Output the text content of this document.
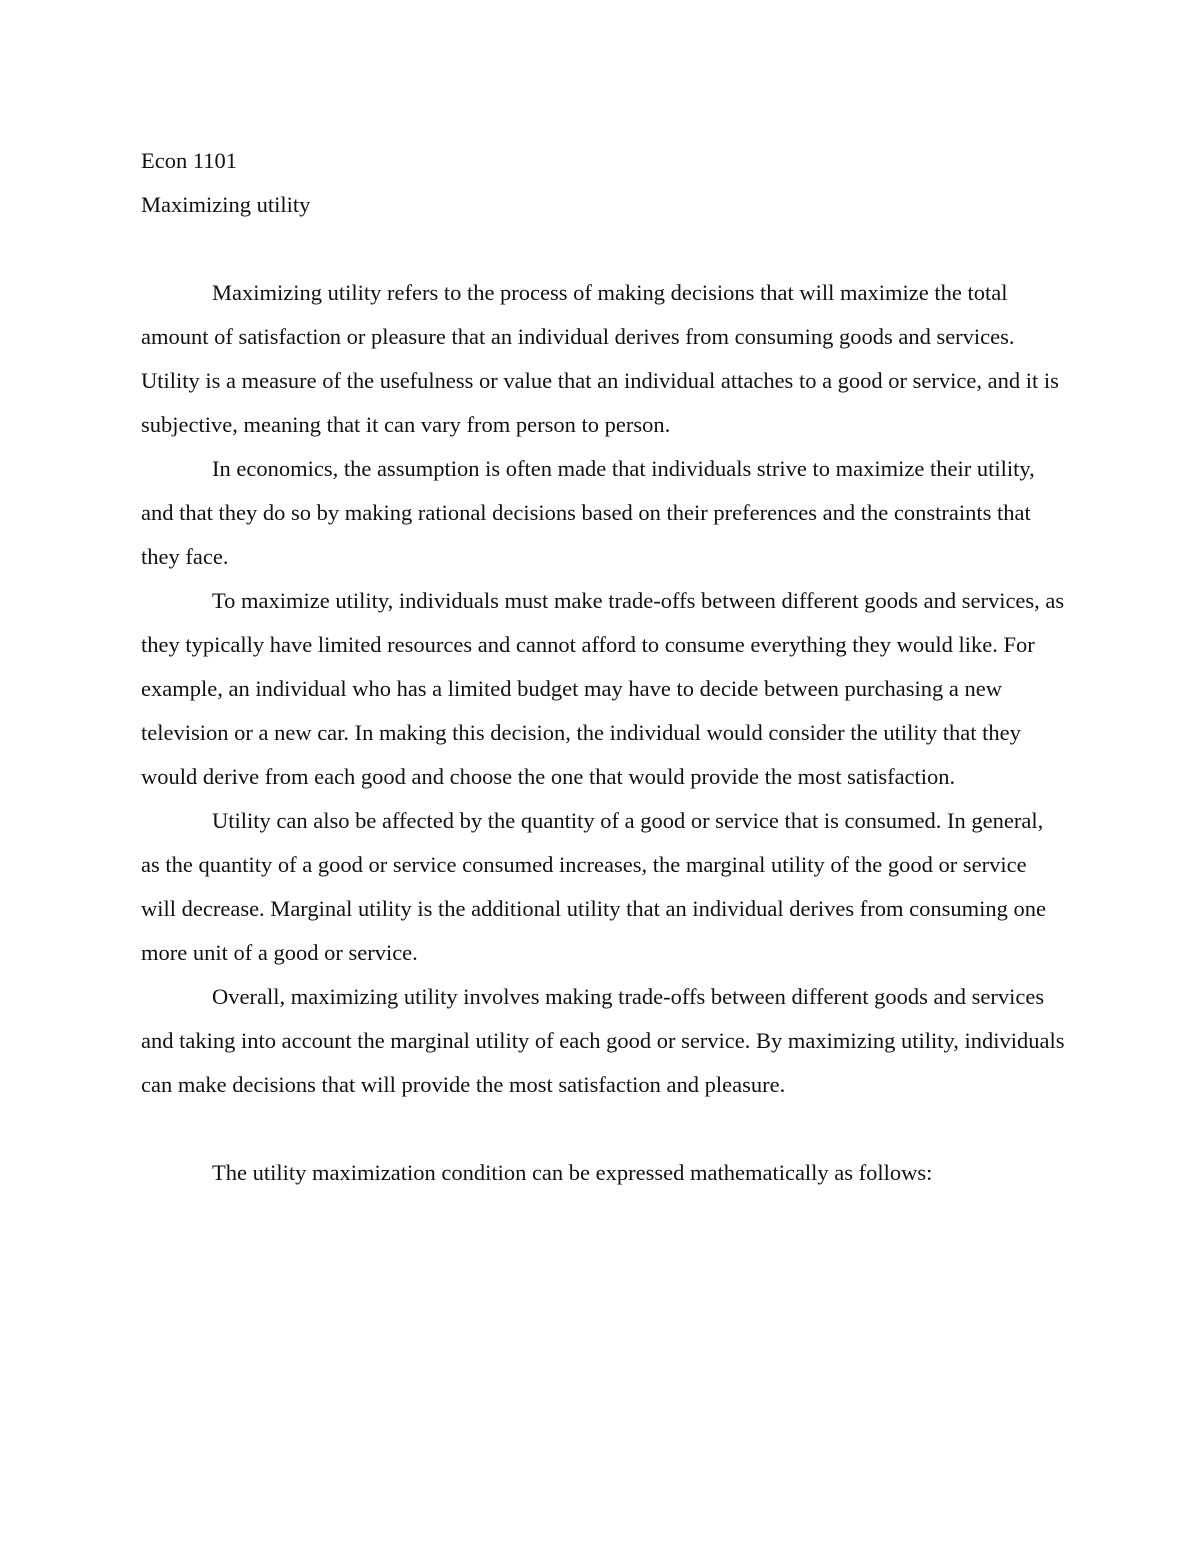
Econ 1101

Maximizing utility

Maximizing utility refers to the process of making decisions that will maximize the total amount of satisfaction or pleasure that an individual derives from consuming goods and services. Utility is a measure of the usefulness or value that an individual attaches to a good or service, and it is subjective, meaning that it can vary from person to person.

In economics, the assumption is often made that individuals strive to maximize their utility, and that they do so by making rational decisions based on their preferences and the constraints that they face.

To maximize utility, individuals must make trade-offs between different goods and services, as they typically have limited resources and cannot afford to consume everything they would like. For example, an individual who has a limited budget may have to decide between purchasing a new television or a new car. In making this decision, the individual would consider the utility that they would derive from each good and choose the one that would provide the most satisfaction.

Utility can also be affected by the quantity of a good or service that is consumed. In general, as the quantity of a good or service consumed increases, the marginal utility of the good or service will decrease. Marginal utility is the additional utility that an individual derives from consuming one more unit of a good or service.

Overall, maximizing utility involves making trade-offs between different goods and services and taking into account the marginal utility of each good or service. By maximizing utility, individuals can make decisions that will provide the most satisfaction and pleasure.

The utility maximization condition can be expressed mathematically as follows:
